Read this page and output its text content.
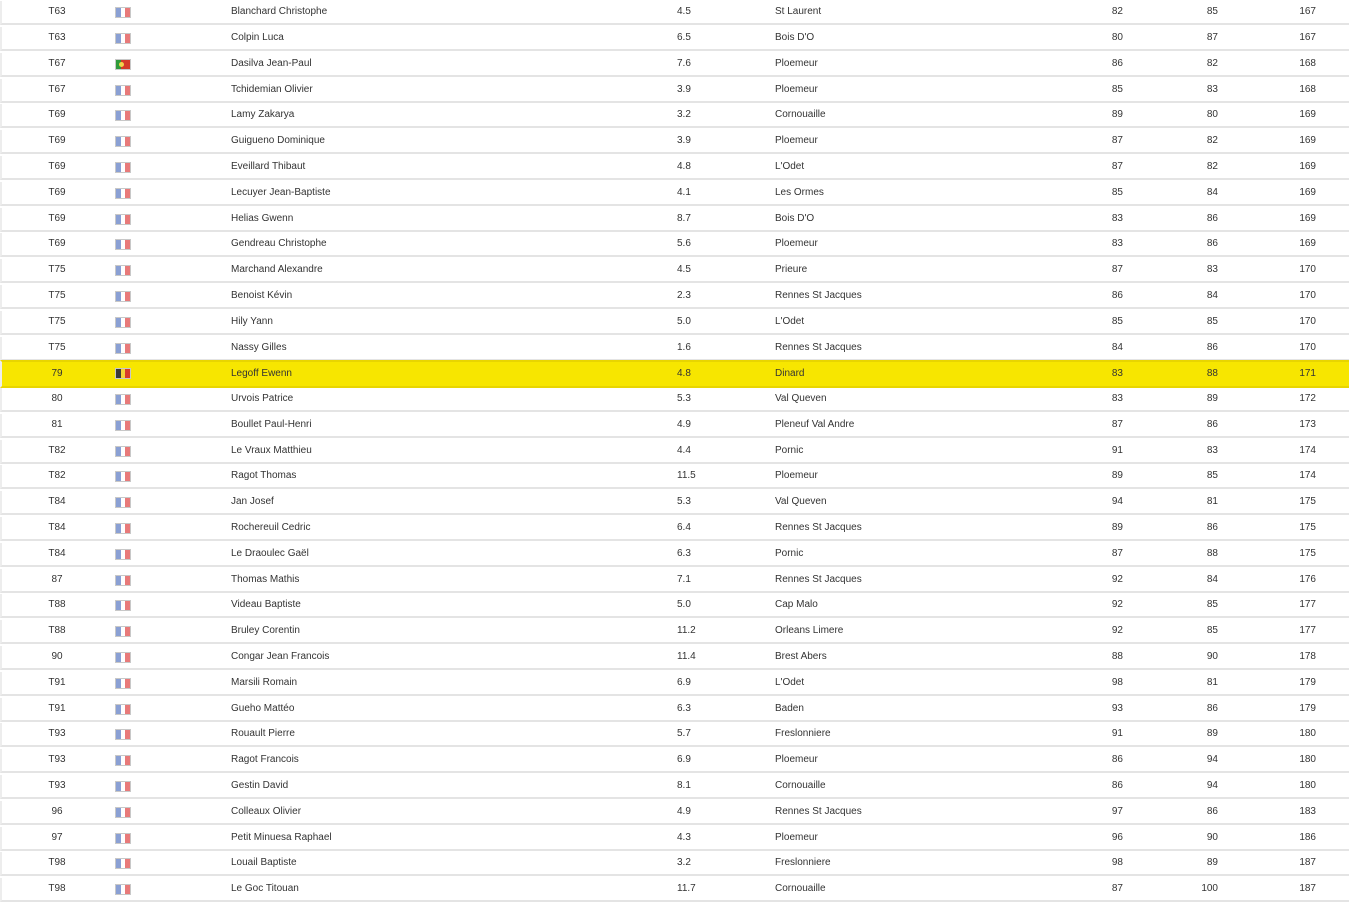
T63	Blanchard Christophe	4.5	St Laurent	82	85	167
T63	Colpin Luca	6.5	Bois D'O	80	87	167
T67	Dasilva Jean-Paul	7.6	Ploemeur	86	82	168
T67	Tchidemian Olivier	3.9	Ploemeur	85	83	168
T69	Lamy Zakarya	3.2	Cornouaille	89	80	169
T69	Guigueno Dominique	3.9	Ploemeur	87	82	169
T69	Eveillard Thibaut	4.8	L'Odet	87	82	169
T69	Lecuyer Jean-Baptiste	4.1	Les Ormes	85	84	169
T69	Helias Gwenn	8.7	Bois D'O	83	86	169
T69	Gendreau Christophe	5.6	Ploemeur	83	86	169
T75	Marchand Alexandre	4.5	Prieure	87	83	170
T75	Benoist Kévin	2.3	Rennes St Jacques	86	84	170
T75	Hily Yann	5.0	L'Odet	85	85	170
T75	Nassy Gilles	1.6	Rennes St Jacques	84	86	170
79	Legoff Ewenn	4.8	Dinard	83	88	171
80	Urvois Patrice	5.3	Val Queven	83	89	172
81	Boullet Paul-Henri	4.9	Pleneuf Val Andre	87	86	173
T82	Le Vraux Matthieu	4.4	Pornic	91	83	174
T82	Ragot Thomas	11.5	Ploemeur	89	85	174
T84	Jan Josef	5.3	Val Queven	94	81	175
T84	Rochereuil Cedric	6.4	Rennes St Jacques	89	86	175
T84	Le Draoulec Gaël	6.3	Pornic	87	88	175
87	Thomas Mathis	7.1	Rennes St Jacques	92	84	176
T88	Videau Baptiste	5.0	Cap Malo	92	85	177
T88	Bruley Corentin	11.2	Orleans Limere	92	85	177
90	Congar Jean Francois	11.4	Brest Abers	88	90	178
T91	Marsili Romain	6.9	L'Odet	98	81	179
T91	Gueho Mattéo	6.3	Baden	93	86	179
T93	Rouault Pierre	5.7	Freslonniere	91	89	180
T93	Ragot Francois	6.9	Ploemeur	86	94	180
T93	Gestin David	8.1	Cornouaille	86	94	180
96	Colleaux Olivier	4.9	Rennes St Jacques	97	86	183
97	Petit Minuesa Raphael	4.3	Ploemeur	96	90	186
T98	Louail Baptiste	3.2	Freslonniere	98	89	187
T98	Le Goc Titouan	11.7	Cornouaille	87	100	187
